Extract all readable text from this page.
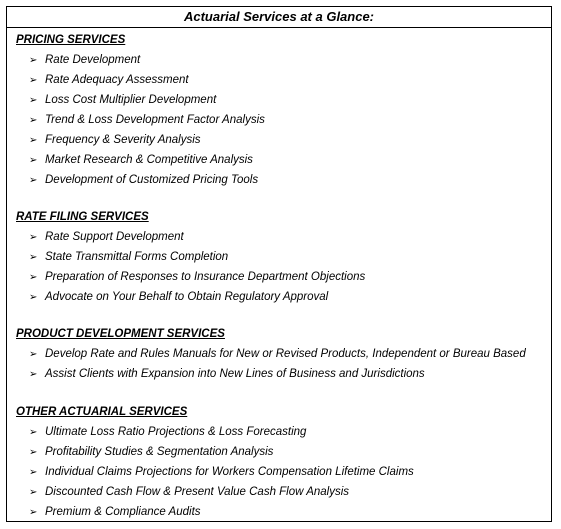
Actuarial Services at a Glance:
PRICING SERVICES
➢ Rate Development
➢ Rate Adequacy Assessment
➢ Loss Cost Multiplier Development
➢ Trend & Loss Development Factor Analysis
➢ Frequency & Severity Analysis
➢ Market Research & Competitive Analysis
➢ Development of Customized Pricing Tools
RATE FILING SERVICES
➢ Rate Support Development
➢ State Transmittal Forms Completion
➢ Preparation of Responses to Insurance Department Objections
➢ Advocate on Your Behalf to Obtain Regulatory Approval
PRODUCT DEVELOPMENT SERVICES
➢ Develop Rate and Rules Manuals for New or Revised Products, Independent or Bureau Based
➢ Assist Clients with Expansion into New Lines of Business and Jurisdictions
OTHER ACTUARIAL SERVICES
➢ Ultimate Loss Ratio Projections & Loss Forecasting
➢ Profitability Studies & Segmentation Analysis
➢ Individual Claims Projections for Workers Compensation Lifetime Claims
➢ Discounted Cash Flow & Present Value Cash Flow Analysis
➢ Premium & Compliance Audits
